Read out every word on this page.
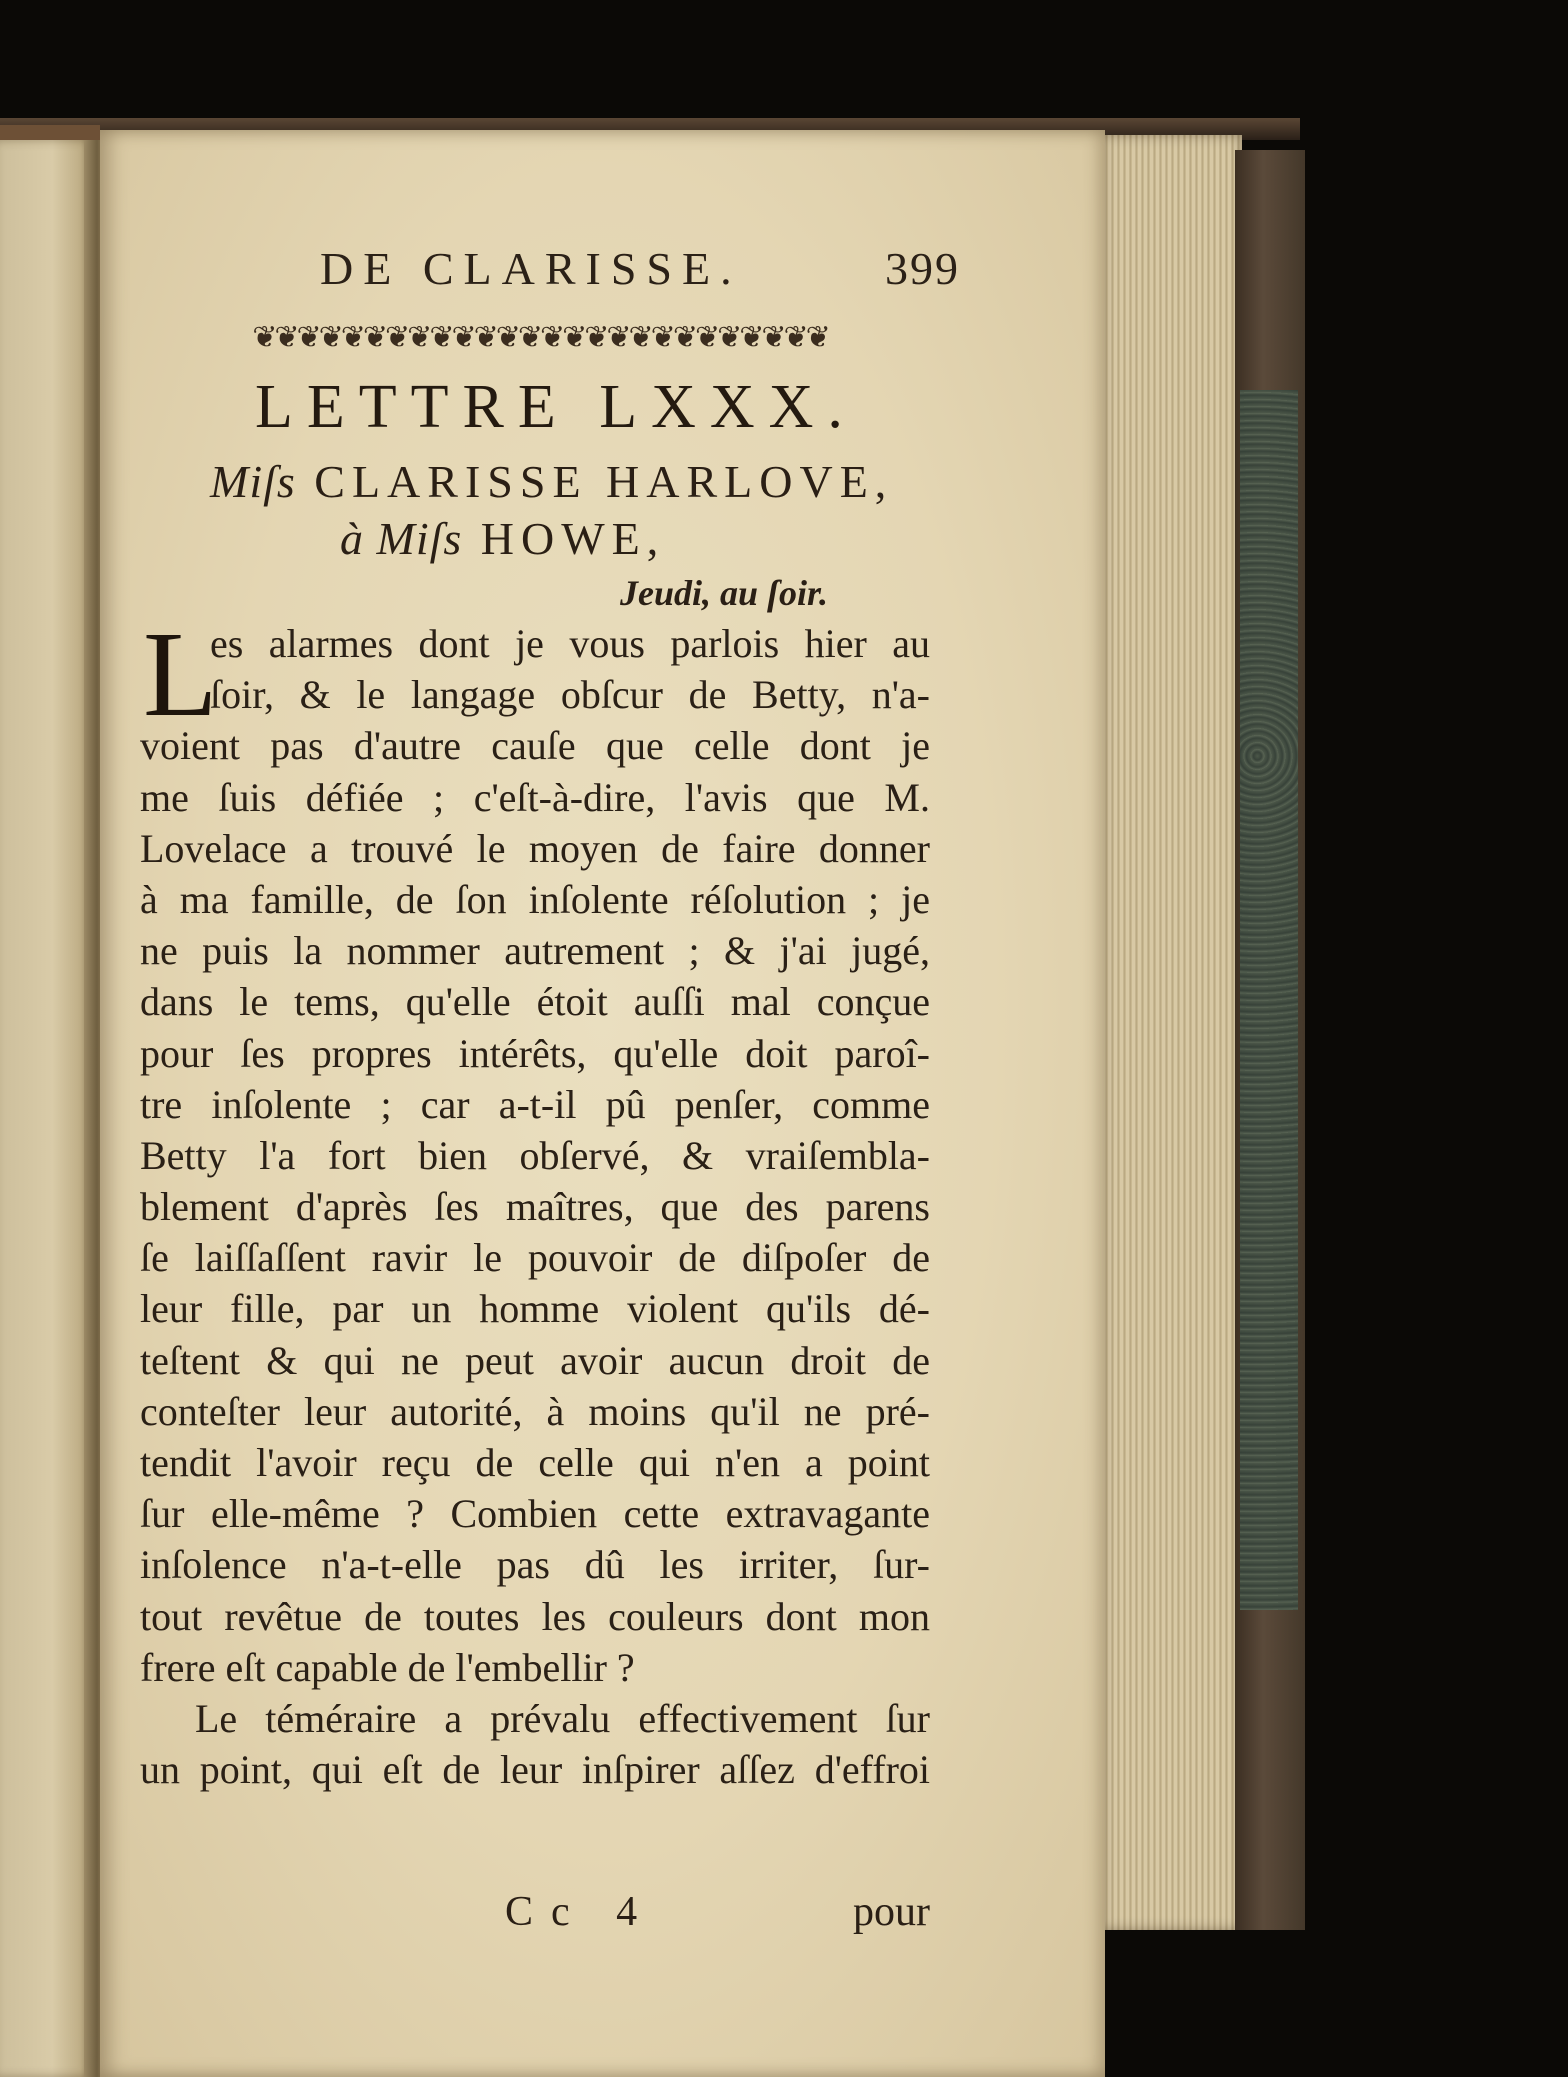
DE CLARISSE.	399
❦❦❦❦❦❦❦❦❦❦❦❦❦❦❦❦❦❦❦❦❦❦❦❦❦❦
LETTRE LXXX.
Miſs CLARISSE HARLOVE,
à Miſs HOWE,
Jeudi, au ſoir.
L
es alarmes dont je vous parlois hier au
ſoir, & le langage obſcur de Betty, n'a-
voient pas d'autre cauſe que celle dont je
me ſuis défiée ; c'eſt-à-dire, l'avis que M.
Lovelace a trouvé le moyen de faire donner
à ma famille, de ſon inſolente réſolution ; je
ne puis la nommer autrement ; & j'ai jugé,
dans le tems, qu'elle étoit auſſi mal conçue
pour ſes propres intérêts, qu'elle doit paroî-
tre inſolente ; car a-t-il pû penſer, comme
Betty l'a fort bien obſervé, & vraiſembla-
blement d'après ſes maîtres, que des parens
ſe laiſſaſſent ravir le pouvoir de diſpoſer de
leur fille, par un homme violent qu'ils dé-
teſtent & qui ne peut avoir aucun droit de
conteſter leur autorité, à moins qu'il ne pré-
tendit l'avoir reçu de celle qui n'en a point
ſur elle-même ? Combien cette extravagante
inſolence n'a-t-elle pas dû les irriter, ſur-
tout revêtue de toutes les couleurs dont mon
frere eſt capable de l'embellir ?
Le téméraire a prévalu effectivement ſur
un point, qui eſt de leur inſpirer aſſez d'effroi
Cc 4	pour
